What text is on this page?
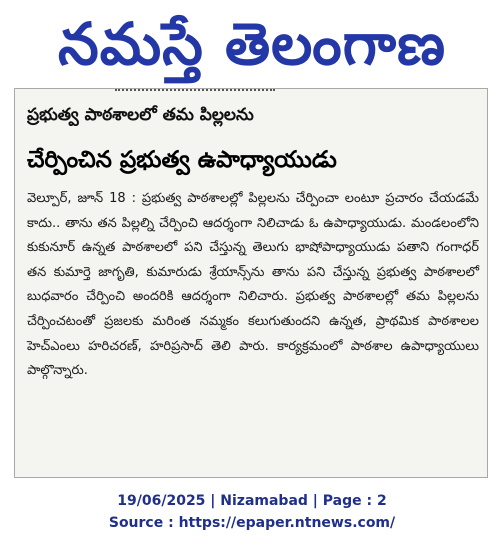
నమస్తే తెలంగాణ
ప్రభుత్వ పాఠశాలలో తమ పిల్లలను
చేర్పించిన ప్రభుత్వ ఉపాధ్యాయుడు
వెల్పూర్, జూన్ 18 : ప్రభుత్వ పాఠశాలల్లో పిల్లలను చేర్పించా లంటూ ప్రచారం చేయడమే కాదు.. తాను తన పిల్లల్ని చేర్పించి ఆదర్శంగా నిలిచాడు ఓ ఉపాధ్యాయుడు. మండలంలోని కుకునూర్ ఉన్నత పాఠశాలలో పని చేస్తున్న తెలుగు భాషోపాధ్యాయుడు పతాని గంగాధర్ తన కుమార్తె జాగృతి, కుమారుడు శ్రేయాన్స్‌ను తాను పని చేస్తున్న ప్రభుత్వ పాఠశాలలో బుధవారం చేర్పించి అందరికి ఆదర్శంగా నిలిచారు. ప్రభుత్వ పాఠశాలల్లో తమ పిల్లలను చేర్పించటంతో ప్రజలకు మరింత నమ్మకం కలుగుతుందని ఉన్నత, ప్రాథమిక పాఠశాలల హెచ్‌ఎంలు హరిచరణ్, హరిప్రసాద్ తెలి పారు. కార్యక్రమంలో పాఠశాల ఉపాధ్యాయులు పాల్గొన్నారు.
19/06/2025 | Nizamabad | Page : 2
Source : https://epaper.ntnews.com/
